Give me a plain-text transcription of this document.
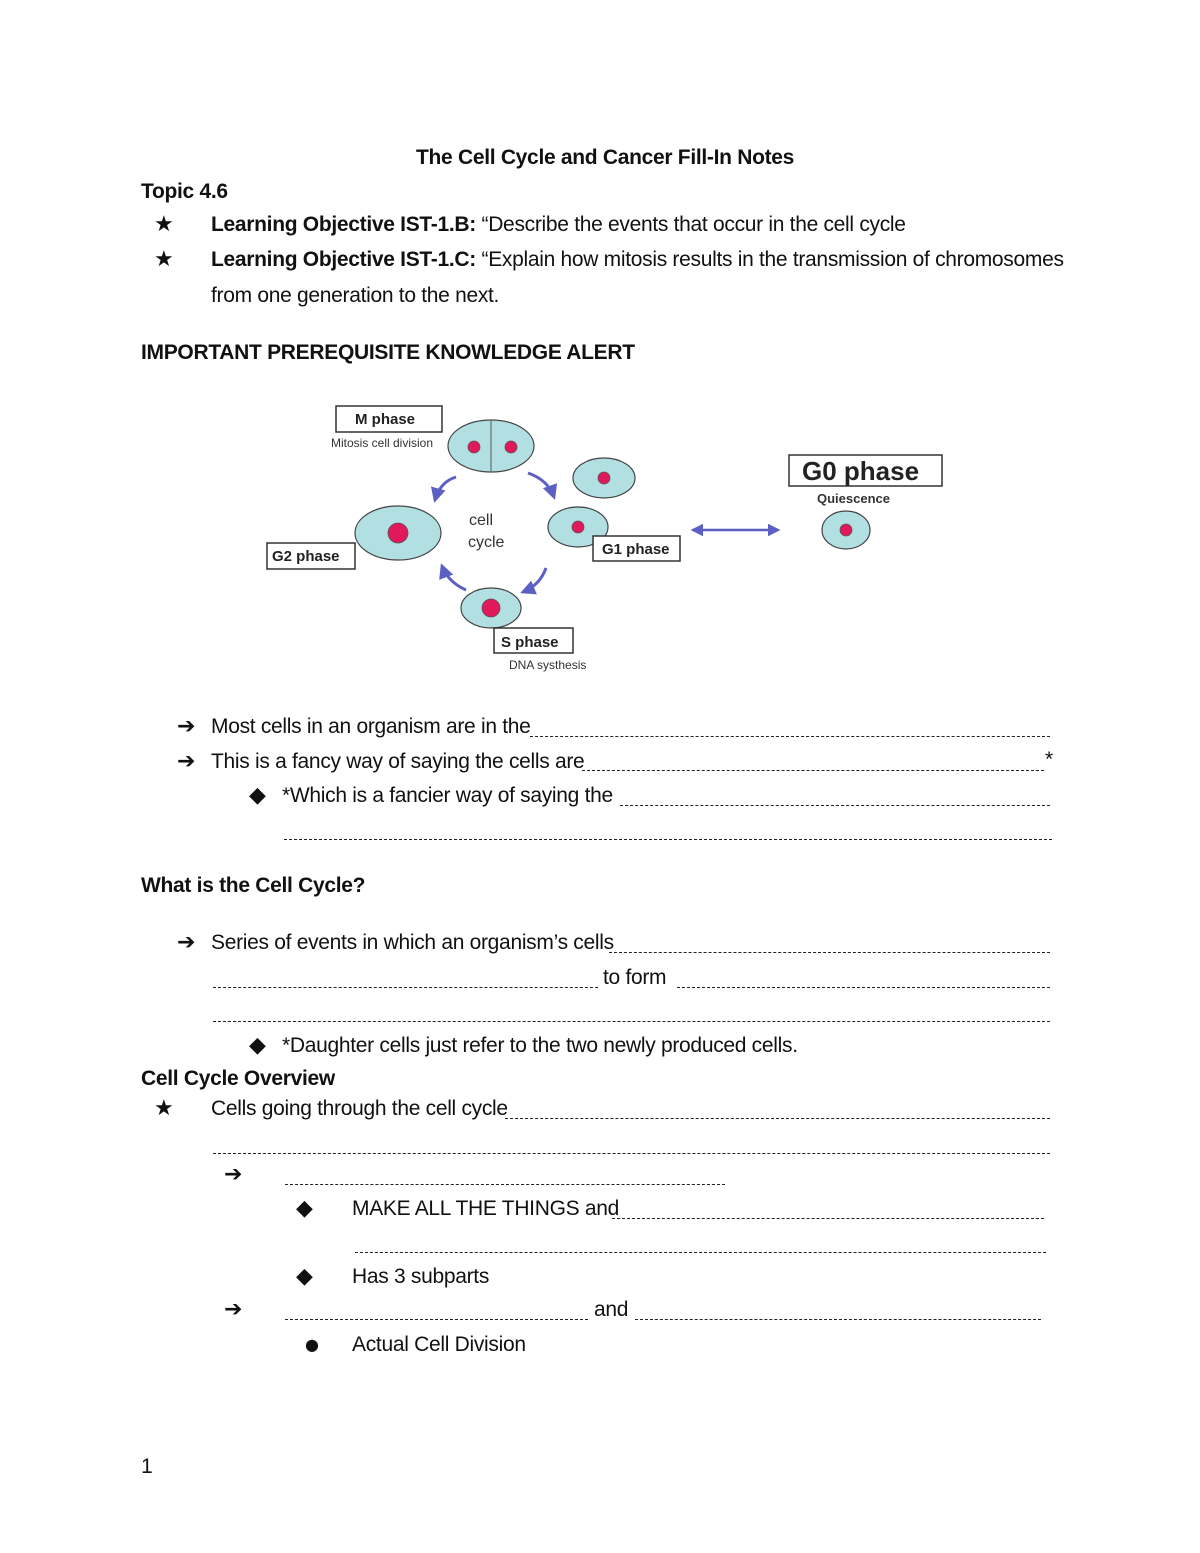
The Cell Cycle and Cancer Fill-In Notes
Topic 4.6
★ Learning Objective IST-1.B: “Describe the events that occur in the cell cycle
★ Learning Objective IST-1.C: “Explain how mitosis results in the transmission of chromosomes
from one generation to the next.
IMPORTANT PREREQUISITE KNOWLEDGE ALERT
M phase
Mitosis cell division
G2 phase	G1 phase
S phase
DNA systhesis
cell
cycle
G0 phase
Quiescence
➔ Most cells in an organism are in the
➔ This is a fancy way of saying the cells are	*
◆ *Which is a fancier way of saying the
What is the Cell Cycle?
➔ Series of events in which an organism’s cells
to form
◆ *Daughter cells just refer to the two newly produced cells.
Cell Cycle Overview
★ Cells going through the cell cycle
➔
◆ MAKE ALL THE THINGS and
◆ Has 3 subparts
➔	and
● Actual Cell Division
1
